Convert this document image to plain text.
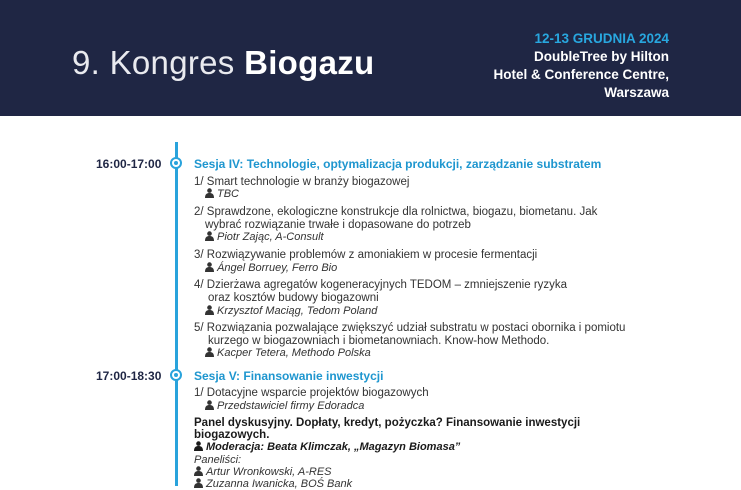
9. Kongres Biogazu
12-13 GRUDNIA 2024
DoubleTree by Hilton
Hotel & Conference Centre,
Warszawa
16:00-17:00	Sesja IV: Technologie, optymalizacja produkcji, zarządzanie substratem
1/ Smart technologie w branży biogazowej
TBC
2/ Sprawdzone, ekologiczne konstrukcje dla rolnictwa, biogazu, biometanu. Jak
wybrać rozwiązanie trwałe i dopasowane do potrzeb
Piotr Zając, A-Consult
3/ Rozwiązywanie problemów z amoniakiem w procesie fermentacji
Ángel Borruey, Ferro Bio
4/ Dzierżawa agregatów kogeneracyjnych TEDOM – zmniejszenie ryzyka
oraz kosztów budowy biogazowni
Krzysztof Maciąg, Tedom Poland
5/ Rozwiązania pozwalające zwiększyć udział substratu w postaci obornika i pomiotu
kurzego w biogazowniach i biometanowniach. Know-how Methodo.
Kacper Tetera, Methodo Polska
17:00-18:30	Sesja V: Finansowanie inwestycji
1/ Dotacyjne wsparcie projektów biogazowych
Przedstawiciel firmy Edoradca
Panel dyskusyjny. Dopłaty, kredyt, pożyczka? Finansowanie inwestycji
biogazowych.
Moderacja: Beata Klimczak, „Magazyn Biomasa”
Paneliści:
Artur Wronkowski, A-RES
Zuzanna Iwanicka, BOŚ Bank
